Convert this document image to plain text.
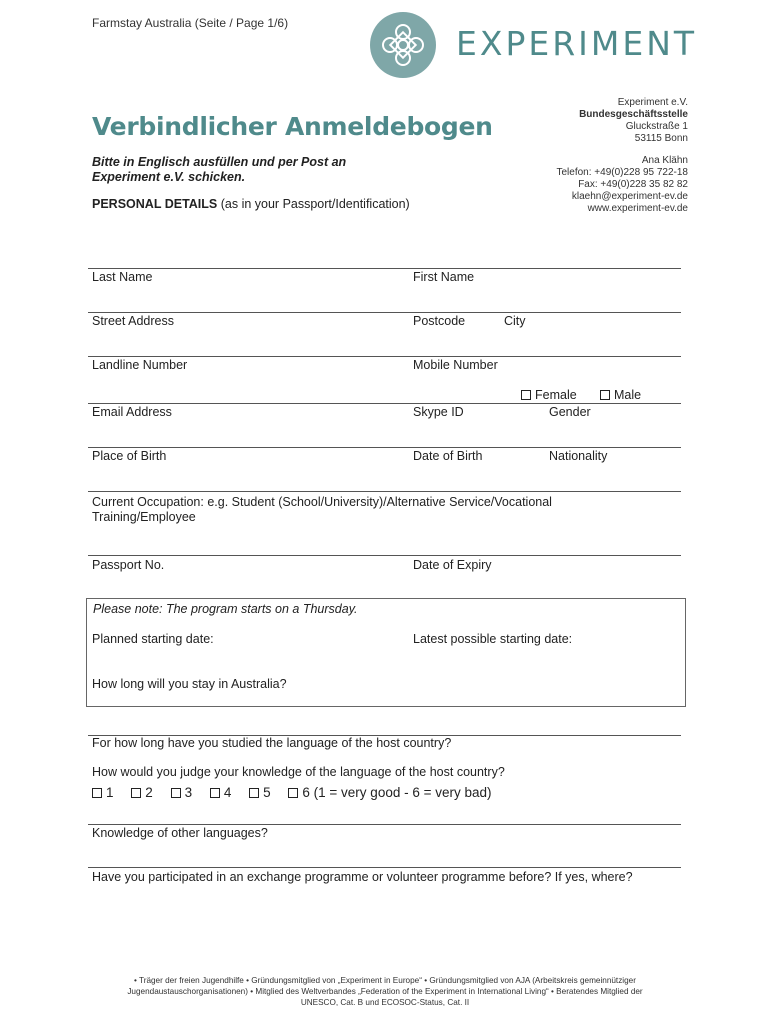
Farmstay Australia (Seite / Page 1/6)
EXPERIMENT
Verbindlicher Anmeldebogen
Bitte in Englisch ausfüllen und per Post an
Experiment e.V. schicken.
PERSONAL DETAILS (as in your Passport/Identification)
Experiment e.V.
Bundesgeschäftsstelle
Gluckstraße 1
53115 Bonn
Ana Klähn
Telefon: +49(0)228 95 722-18
Fax: +49(0)228 35 82 82
klaehn@experiment-ev.de
www.experiment-ev.de
Last Name	First Name
Street Address	Postcode	City
Landline Number	Mobile Number
Female	Male
Email Address	Skype ID	Gender
Place of Birth	Date of Birth	Nationality
Current Occupation: e.g. Student (School/University)/Alternative Service/Vocational
Training/Employee
Passport No.	Date of Expiry
Please note: The program starts on a Thursday.
Planned starting date:	Latest possible starting date:
How long will you stay in Australia?
For how long have you studied the language of the host country?
How would you judge your knowledge of the language of the host country?
1 2 3 4 5 6 (1 = very good - 6 = very bad)
Knowledge of other languages?
Have you participated in an exchange programme or volunteer programme before? If yes, where?
• Träger der freien Jugendhilfe • Gründungsmitglied von „Experiment in Europe“ • Gründungsmitglied von AJA (Arbeitskreis gemeinnütziger
Jugendaustauschorganisationen) • Mitglied des Weltverbandes „Federation of the Experiment in International Living“ • Beratendes Mitglied der
UNESCO, Cat. B und ECOSOC-Status, Cat. II
